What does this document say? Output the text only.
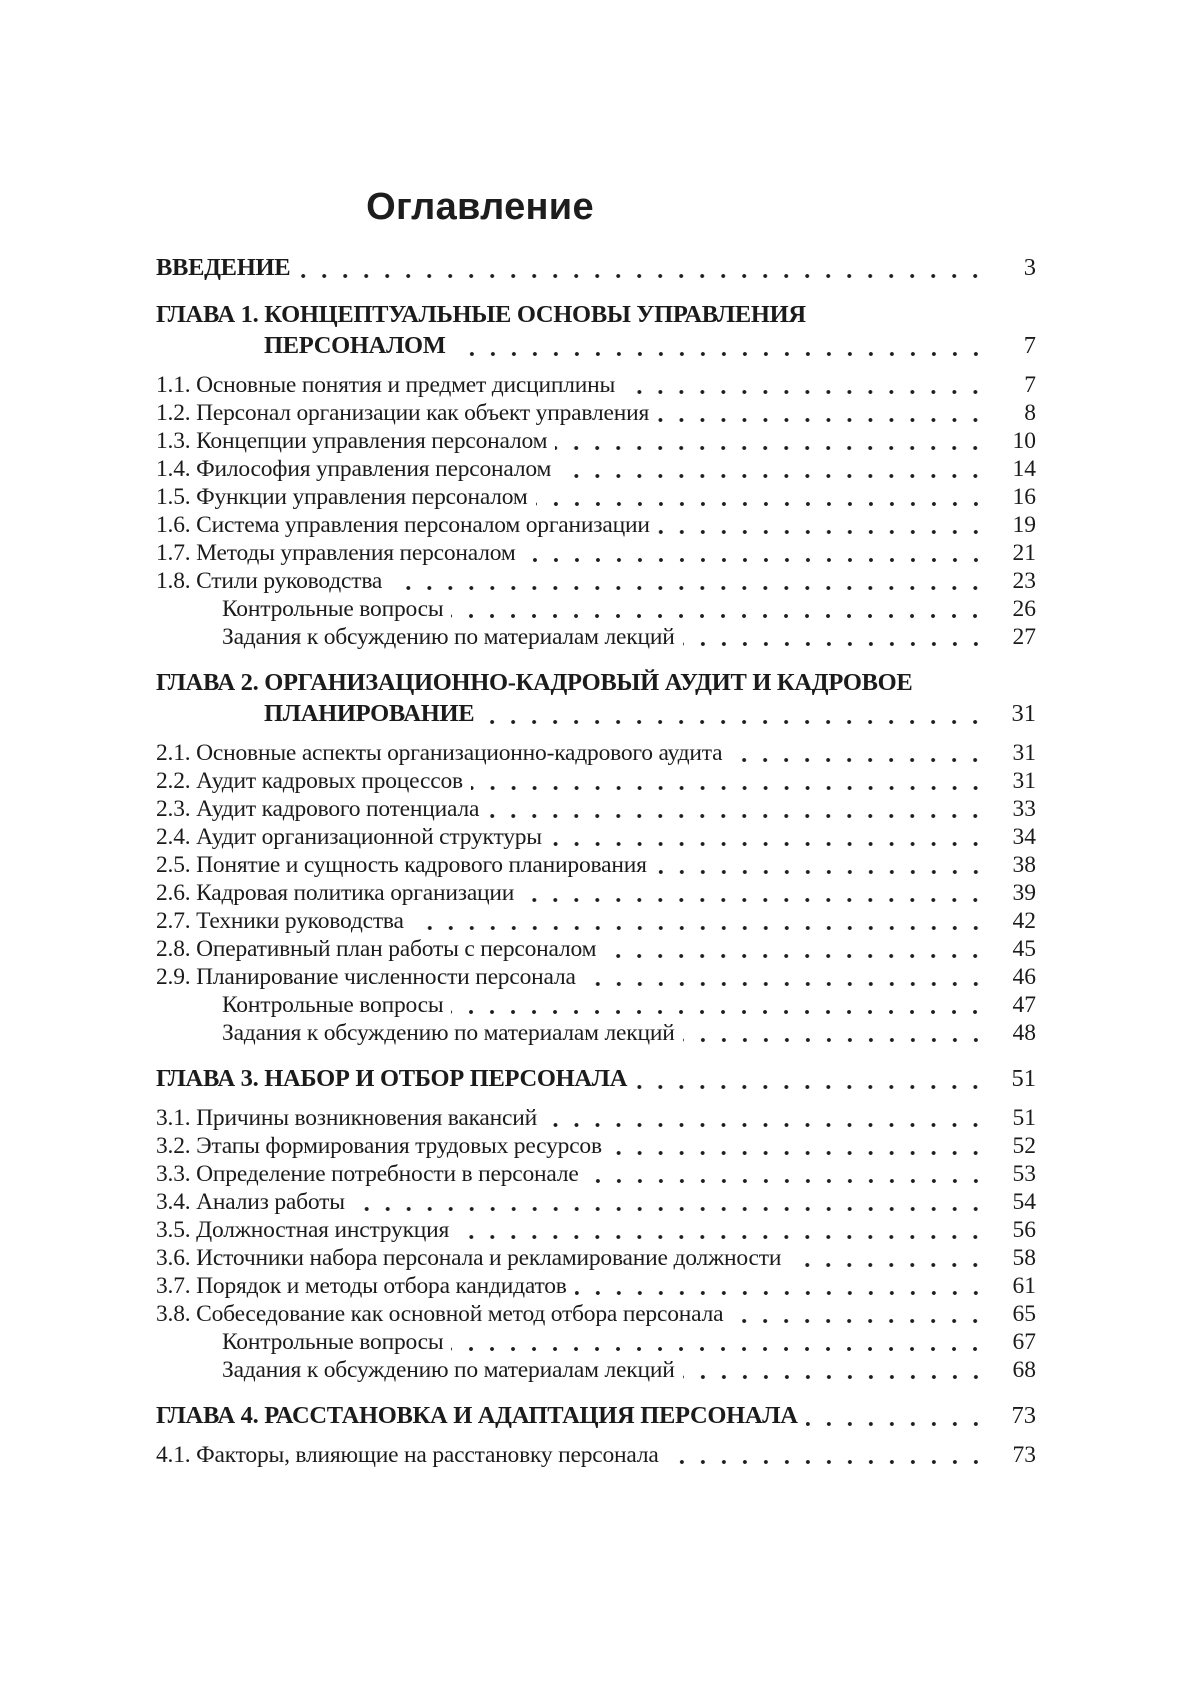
Оглавление
ВВЕДЕНИЕ	3
ГЛАВА 1. КОНЦЕПТУАЛЬНЫЕ ОСНОВЫ УПРАВЛЕНИЯ
ПЕРСОНАЛОМ	7
1.1. Основные понятия и предмет дисциплины	7
1.2. Персонал организации как объект управления	8
1.3. Концепции управления персоналом	10
1.4. Философия управления персоналом	14
1.5. Функции управления персоналом	16
1.6. Система управления персоналом организации	19
1.7. Методы управления персоналом	21
1.8. Стили руководства	23
Контрольные вопросы	26
Задания к обсуждению по материалам лекций	27
ГЛАВА 2. ОРГАНИЗАЦИОННО-КАДРОВЫЙ АУДИТ И КАДРОВОЕ
ПЛАНИРОВАНИЕ	31
2.1. Основные аспекты организационно-кадрового аудита	31
2.2. Аудит кадровых процессов	31
2.3. Аудит кадрового потенциала	33
2.4. Аудит организационной структуры	34
2.5. Понятие и сущность кадрового планирования	38
2.6. Кадровая политика организации	39
2.7. Техники руководства	42
2.8. Оперативный план работы с персоналом	45
2.9. Планирование численности персонала	46
Контрольные вопросы	47
Задания к обсуждению по материалам лекций	48
ГЛАВА 3. НАБОР И ОТБОР ПЕРСОНАЛА	51
3.1. Причины возникновения вакансий	51
3.2. Этапы формирования трудовых ресурсов	52
3.3. Определение потребности в персонале	53
3.4. Анализ работы	54
3.5. Должностная инструкция	56
3.6. Источники набора персонала и рекламирование должности	58
3.7. Порядок и методы отбора кандидатов	61
3.8. Собеседование как основной метод отбора персонала	65
Контрольные вопросы	67
Задания к обсуждению по материалам лекций	68
ГЛАВА 4. РАССТАНОВКА И АДАПТАЦИЯ ПЕРСОНАЛА	73
4.1. Факторы, влияющие на расстановку персонала	73
